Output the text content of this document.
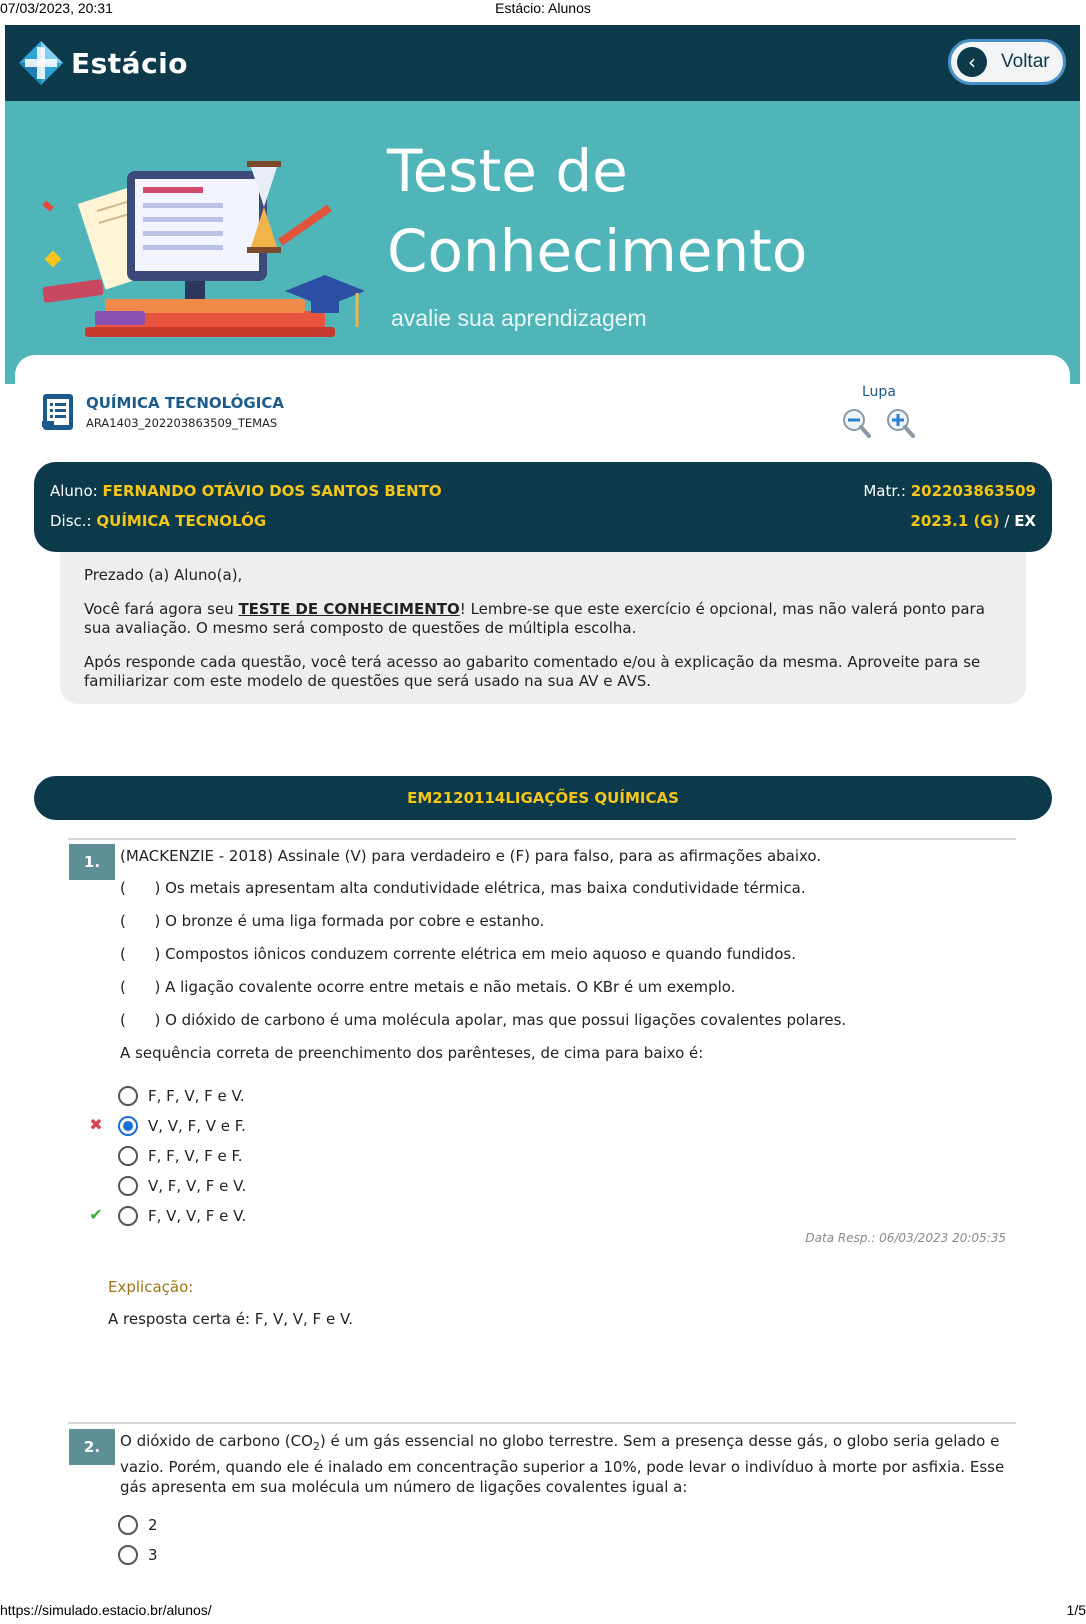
07/03/2023, 20:31	Estácio: Alunos
Estácio	‹	Voltar
Teste de
Conhecimento
avalie sua aprendizagem
QUÍMICA TECNOLÓGICA
ARA1403_202203863509_TEMAS
Lupa
Aluno: FERNANDO OTÁVIO DOS SANTOS BENTO	Matr.: 202203863509
Disc.: QUÍMICA TECNOLÓG	2023.1 (G) / EX

Prezado (a) Aluno(a),

Você fará agora seu TESTE DE CONHECIMENTO! Lembre-se que este exercício é opcional, mas não valerá ponto para sua avaliação. O mesmo será composto de questões de múltipla escolha.

Após responde cada questão, você terá acesso ao gabarito comentado e/ou à explicação da mesma. Aproveite para se familiarizar com este modelo de questões que será usado na sua AV e AVS.

EM2120114LIGAÇÕES QUÍMICAS
1.	(MACKENZIE - 2018) Assinale (V) para verdadeiro e (F) para falso, para as afirmações abaixo.
(      ) Os metais apresentam alta condutividade elétrica, mas baixa condutividade térmica.
(      ) O bronze é uma liga formada por cobre e estanho.
(      ) Compostos iônicos conduzem corrente elétrica em meio aquoso e quando fundidos.
(      ) A ligação covalente ocorre entre metais e não metais. O KBr é um exemplo.
(      ) O dióxido de carbono é uma molécula apolar, mas que possui ligações covalentes polares.
A sequência correta de preenchimento dos parênteses, de cima para baixo é:
F, F, V, F e V.
✖	V, V, F, V e F.
F, F, V, F e F.
V, F, V, F e V.
✔	F, V, V, F e V.
Data Resp.: 06/03/2023 20:05:35
Explicação:
A resposta certa é: F, V, V, F e V.
2.	O dióxido de carbono $(CO_2)$ é um gás essencial no globo terrestre. Sem a presença desse gás, o globo seria gelado e vazio. Porém, quando ele é inalado em concentração superior a 10%, pode levar o indivíduo à morte por asfixia. Esse gás apresenta em sua molécula um número de ligações covalentes igual a:
2
3
https://simulado.estacio.br/alunos/	1/5
